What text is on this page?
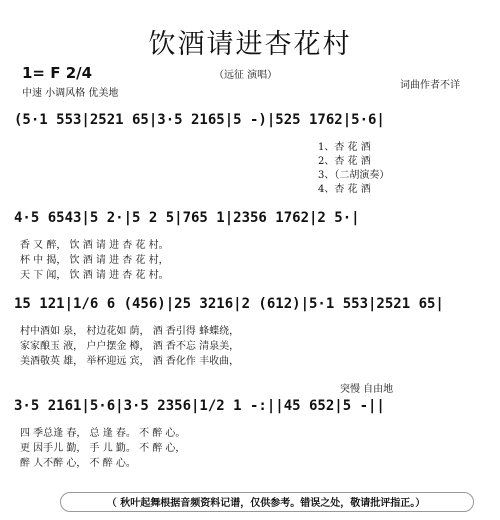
饮酒请进杏花村
1= F 2/4
中速 小调风格 优美地
（远征 演唱）
词曲作者不详
(5·1 553|2521 65|3·5 2165|5 -)|525 1762|5·6|
1、杏 花 酒
2、杏 花 酒
3、（二胡演奏）
4、杏 花 酒
4·5 6543|5 2·|5 2 5|765 1|2356 1762|2 5·|
香 又 醉， 饮 酒 请 进 杏 花 村。
杯 中 揭， 饮 酒 请 进 杏 花 村，
天 下 闻， 饮 酒 请 进 杏 花 村。
15 121|1/6 6 (456)|25 3216|2 (612)|5·1 553|2521 65|
村中酒如 泉， 村边花如 荫， 酒 香引得 蜂蝶绕，
家家酿玉 液， 户户摆金 樽， 酒 香不忘 清泉美，
美酒敬英 雄， 举杯迎远 宾， 酒 香化作 丰收曲，
突慢 自由地
3·5 2161|5·6|3·5 2356|1/2 1 -:||45 652|5 -||
四 季总逢 春， 总 逢 春。 不 醉 心。
更 因手儿 勤， 手 儿 勤。 不 醉 心，
醉 人不醉 心， 不 醉 心。
（ 秋叶起舞根据音频资料记谱，仅供参考。错误之处，敬请批评指正。）
